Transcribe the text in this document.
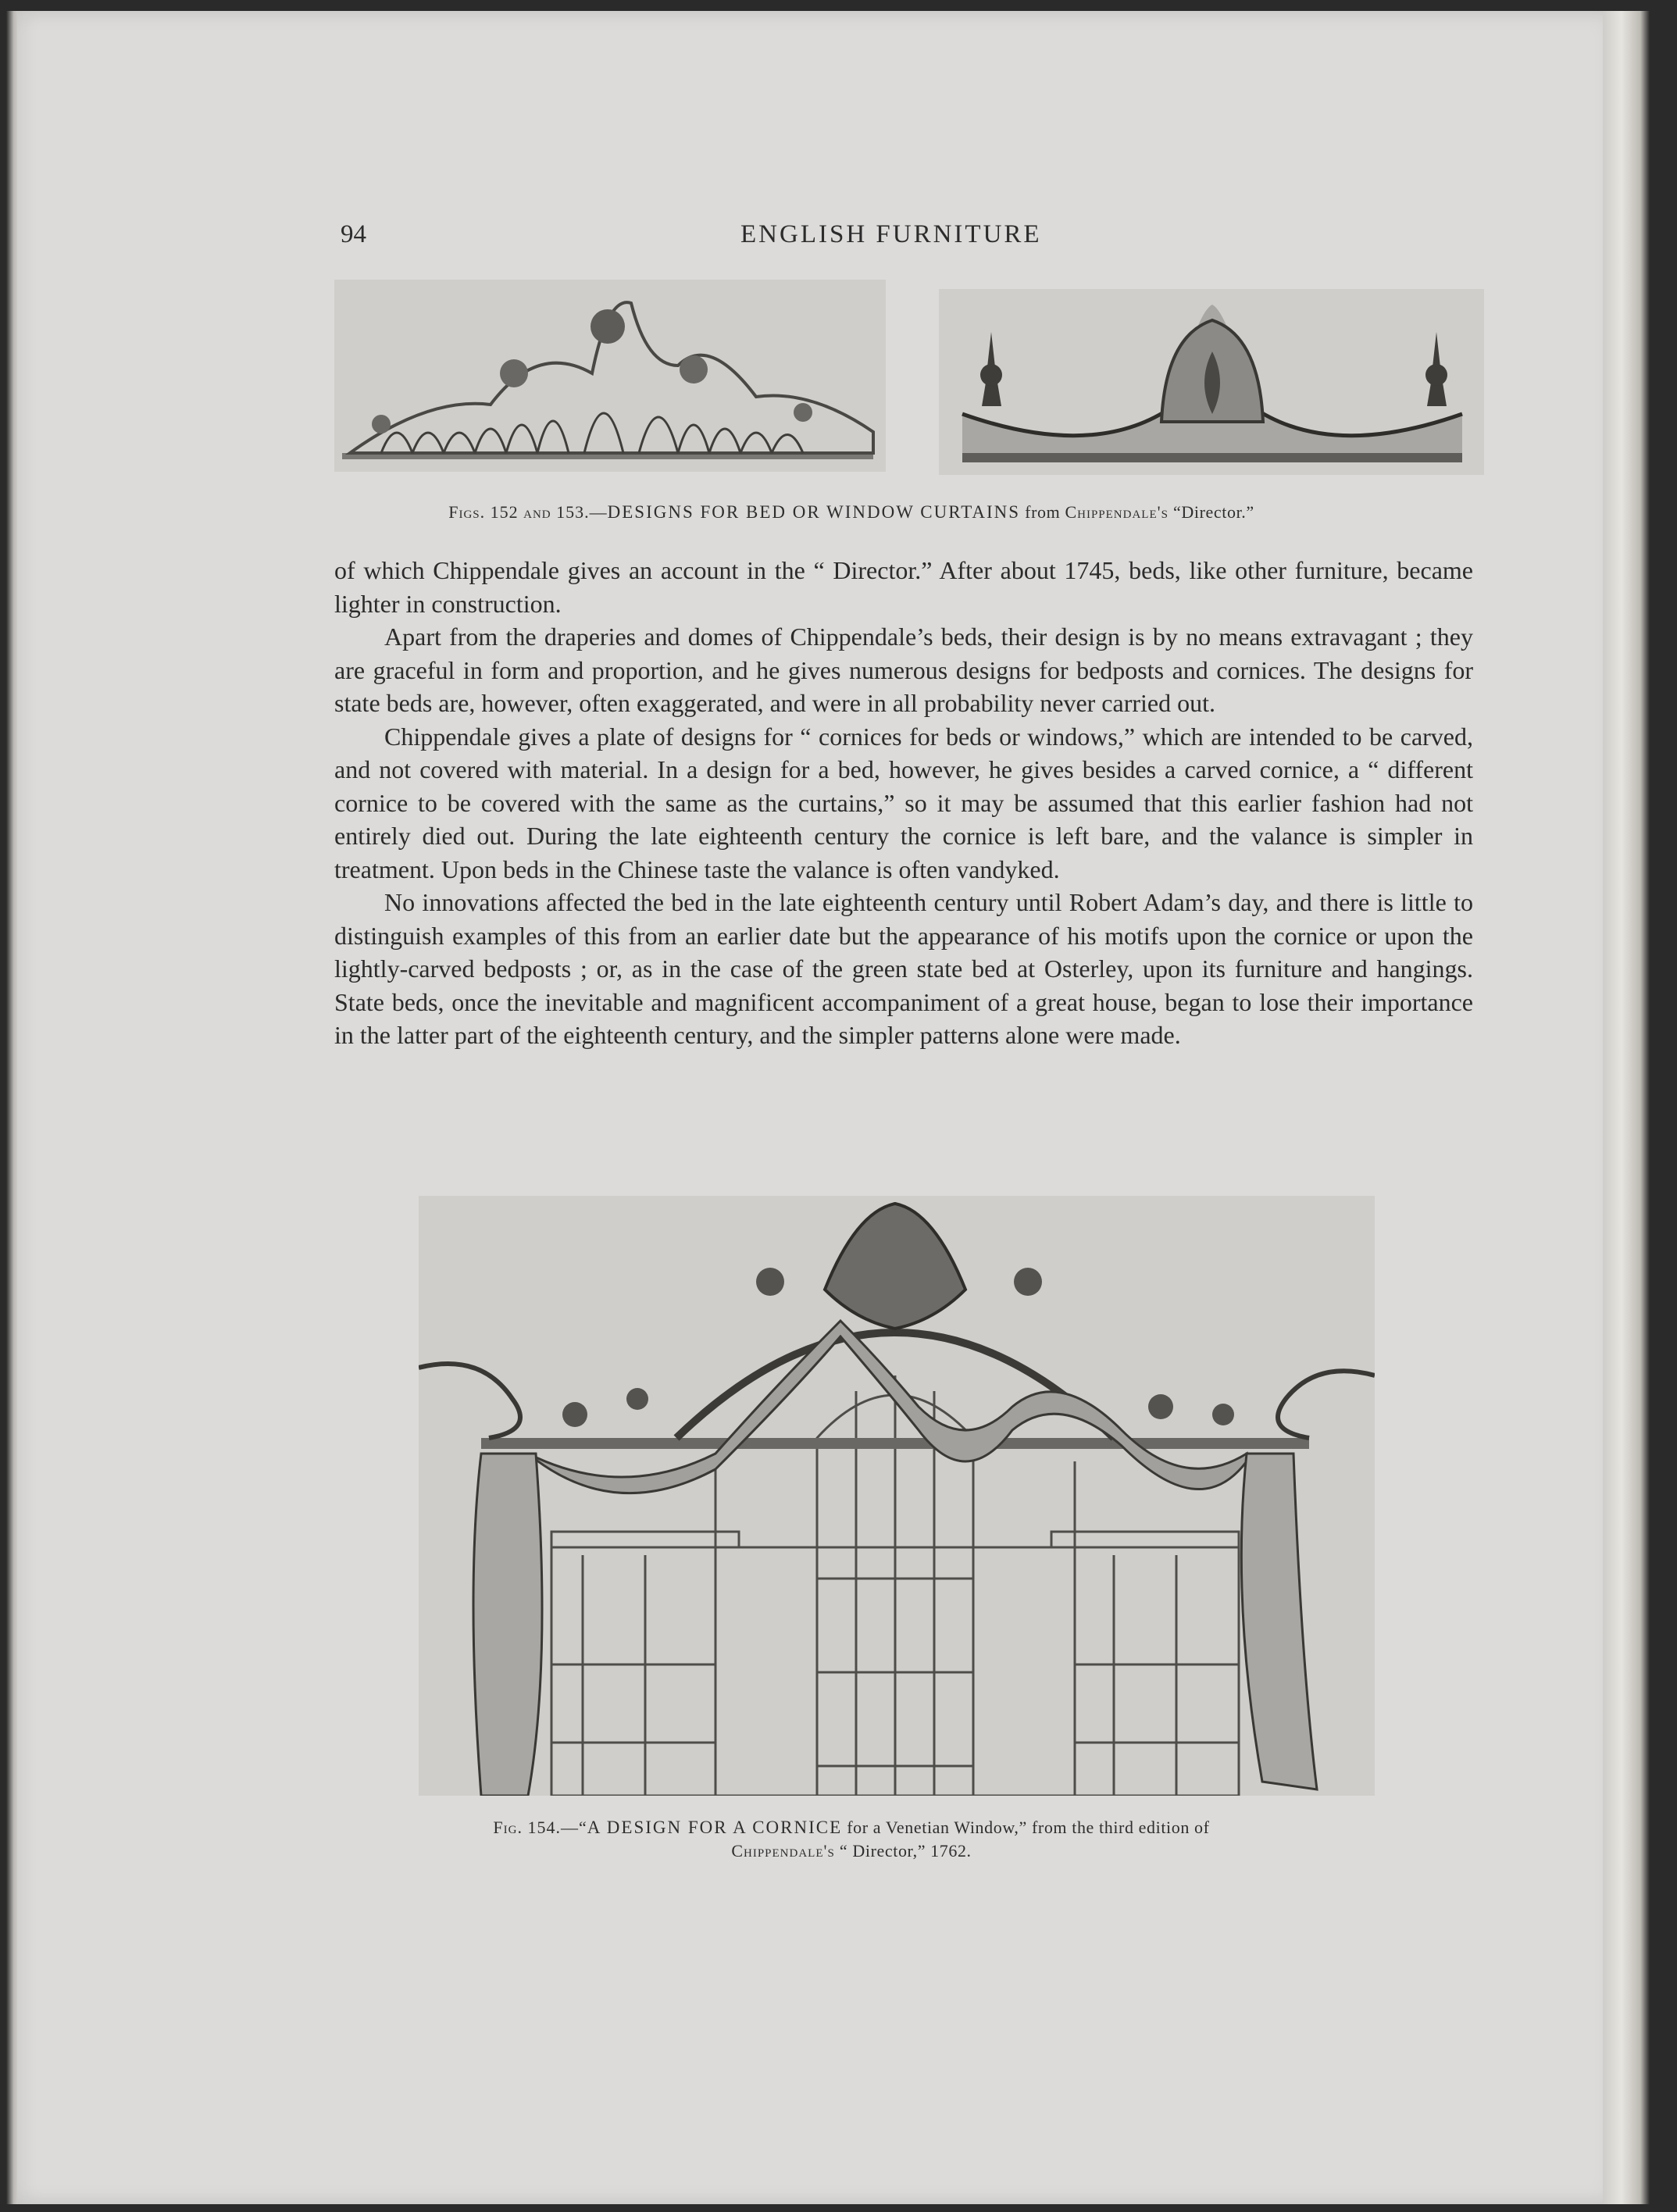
94	ENGLISH FURNITURE
Figs. 152 and 153.—DESIGNS FOR BED OR WINDOW CURTAINS from Chippendale's “Director.”

of which Chippendale gives an account in the “ Director.” After about 1745, beds, like other furniture, became lighter in construction.

Apart from the draperies and domes of Chippendale’s beds, their design is by no means extravagant ; they are graceful in form and proportion, and he gives numerous designs for bedposts and cornices. The designs for state beds are, however, often exaggerated, and were in all probability never carried out.

Chippendale gives a plate of designs for “ cornices for beds or windows,” which are intended to be carved, and not covered with material. In a design for a bed, however, he gives besides a carved cornice, a “ different cornice to be covered with the same as the curtains,” so it may be assumed that this earlier fashion had not entirely died out. During the late eighteenth century the cornice is left bare, and the valance is simpler in treatment. Upon beds in the Chinese taste the valance is often vandyked.

No innovations affected the bed in the late eighteenth century until Robert Adam’s day, and there is little to distinguish examples of this from an earlier date but the appearance of his motifs upon the cornice or upon the lightly-carved bedposts ; or, as in the case of the green state bed at Osterley, upon its furniture and hangings. State beds, once the inevitable and magnificent accompaniment of a great house, began to lose their importance in the latter part of the eighteenth century, and the simpler patterns alone were made.

Fig. 154.—“A DESIGN FOR A CORNICE for a Venetian Window,” from the third edition of
Chippendale's “ Director,” 1762.
